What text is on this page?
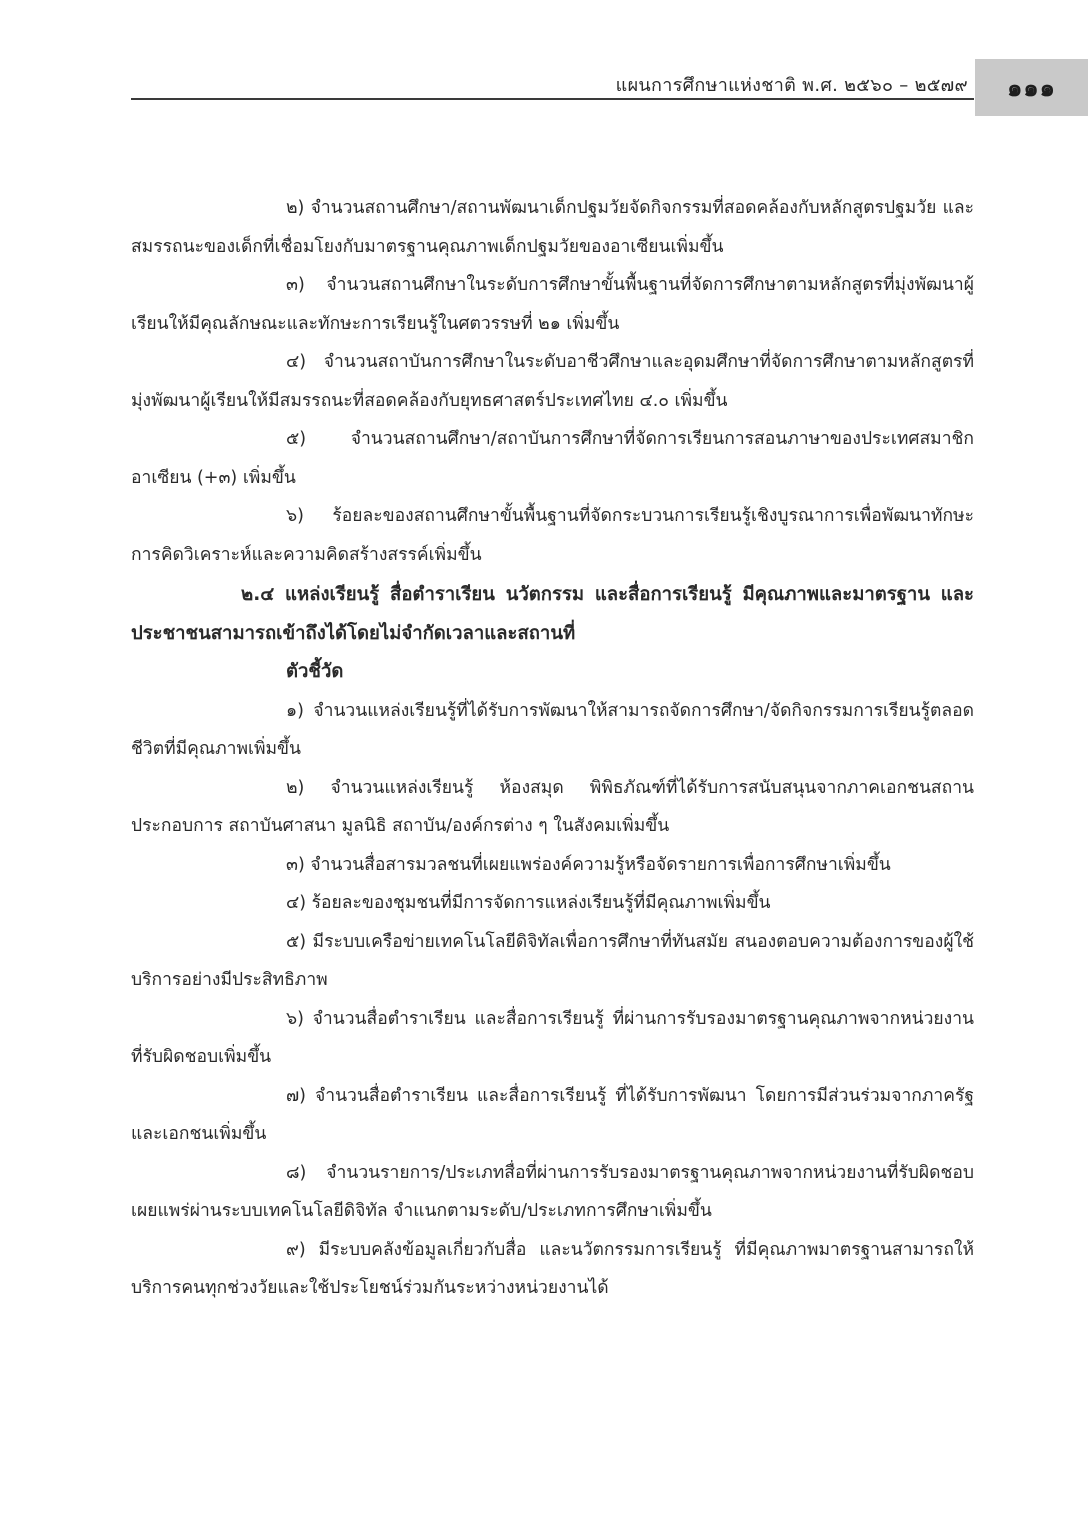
แผนการศึกษาแห่งชาติ พ.ศ. ๒๕๖๐ – ๒๕๗๙ ๑๑๑

๒) จำนวนสถานศึกษา/สถานพัฒนาเด็กปฐมวัยจัดกิจกรรมที่สอดคล้องกับหลักสูตรปฐมวัย และสมรรถนะของเด็กที่เชื่อมโยงกับมาตรฐานคุณภาพเด็กปฐมวัยของอาเซียนเพิ่มขึ้น

๓) จำนวนสถานศึกษาในระดับการศึกษาขั้นพื้นฐานที่จัดการศึกษาตามหลักสูตรที่มุ่งพัฒนาผู้เรียนให้มีคุณลักษณะและทักษะการเรียนรู้ในศตวรรษที่ ๒๑ เพิ่มขึ้น

๔) จำนวนสถาบันการศึกษาในระดับอาชีวศึกษาและอุดมศึกษาที่จัดการศึกษาตามหลักสูตรที่มุ่งพัฒนาผู้เรียนให้มีสมรรถนะที่สอดคล้องกับยุทธศาสตร์ประเทศไทย ๔.๐ เพิ่มขึ้น

๕) จำนวนสถานศึกษา/สถาบันการศึกษาที่จัดการเรียนการสอนภาษาของประเทศสมาชิกอาเซียน (+๓) เพิ่มขึ้น

๖) ร้อยละของสถานศึกษาขั้นพื้นฐานที่จัดกระบวนการเรียนรู้เชิงบูรณาการเพื่อพัฒนาทักษะการคิดวิเคราะห์และความคิดสร้างสรรค์เพิ่มขึ้น

๒.๔ แหล่งเรียนรู้ สื่อตำราเรียน นวัตกรรม และสื่อการเรียนรู้ มีคุณภาพและมาตรฐาน และประชาชนสามารถเข้าถึงได้โดยไม่จำกัดเวลาและสถานที่

ตัวชี้วัด

๑) จำนวนแหล่งเรียนรู้ที่ได้รับการพัฒนาให้สามารถจัดการศึกษา/จัดกิจกรรมการเรียนรู้ตลอดชีวิตที่มีคุณภาพเพิ่มขึ้น

๒) จำนวนแหล่งเรียนรู้ ห้องสมุด พิพิธภัณฑ์ที่ได้รับการสนับสนุนจากภาคเอกชนสถานประกอบการ สถาบันศาสนา มูลนิธิ สถาบัน/องค์กรต่าง ๆ ในสังคมเพิ่มขึ้น

๓) จำนวนสื่อสารมวลชนที่เผยแพร่องค์ความรู้หรือจัดรายการเพื่อการศึกษาเพิ่มขึ้น

๔) ร้อยละของชุมชนที่มีการจัดการแหล่งเรียนรู้ที่มีคุณภาพเพิ่มขึ้น

๕) มีระบบเครือข่ายเทคโนโลยีดิจิทัลเพื่อการศึกษาที่ทันสมัย สนองตอบความต้องการของผู้ใช้บริการอย่างมีประสิทธิภาพ

๖) จำนวนสื่อตำราเรียน และสื่อการเรียนรู้ ที่ผ่านการรับรองมาตรฐานคุณภาพจากหน่วยงานที่รับผิดชอบเพิ่มขึ้น

๗) จำนวนสื่อตำราเรียน และสื่อการเรียนรู้ ที่ได้รับการพัฒนา โดยการมีส่วนร่วมจากภาครัฐและเอกชนเพิ่มขึ้น

๘) จำนวนรายการ/ประเภทสื่อที่ผ่านการรับรองมาตรฐานคุณภาพจากหน่วยงานที่รับผิดชอบ เผยแพร่ผ่านระบบเทคโนโลยีดิจิทัล จำแนกตามระดับ/ประเภทการศึกษาเพิ่มขึ้น

๙) มีระบบคลังข้อมูลเกี่ยวกับสื่อ และนวัตกรรมการเรียนรู้ ที่มีคุณภาพมาตรฐานสามารถให้บริการคนทุกช่วงวัยและใช้ประโยชน์ร่วมกันระหว่างหน่วยงานได้
